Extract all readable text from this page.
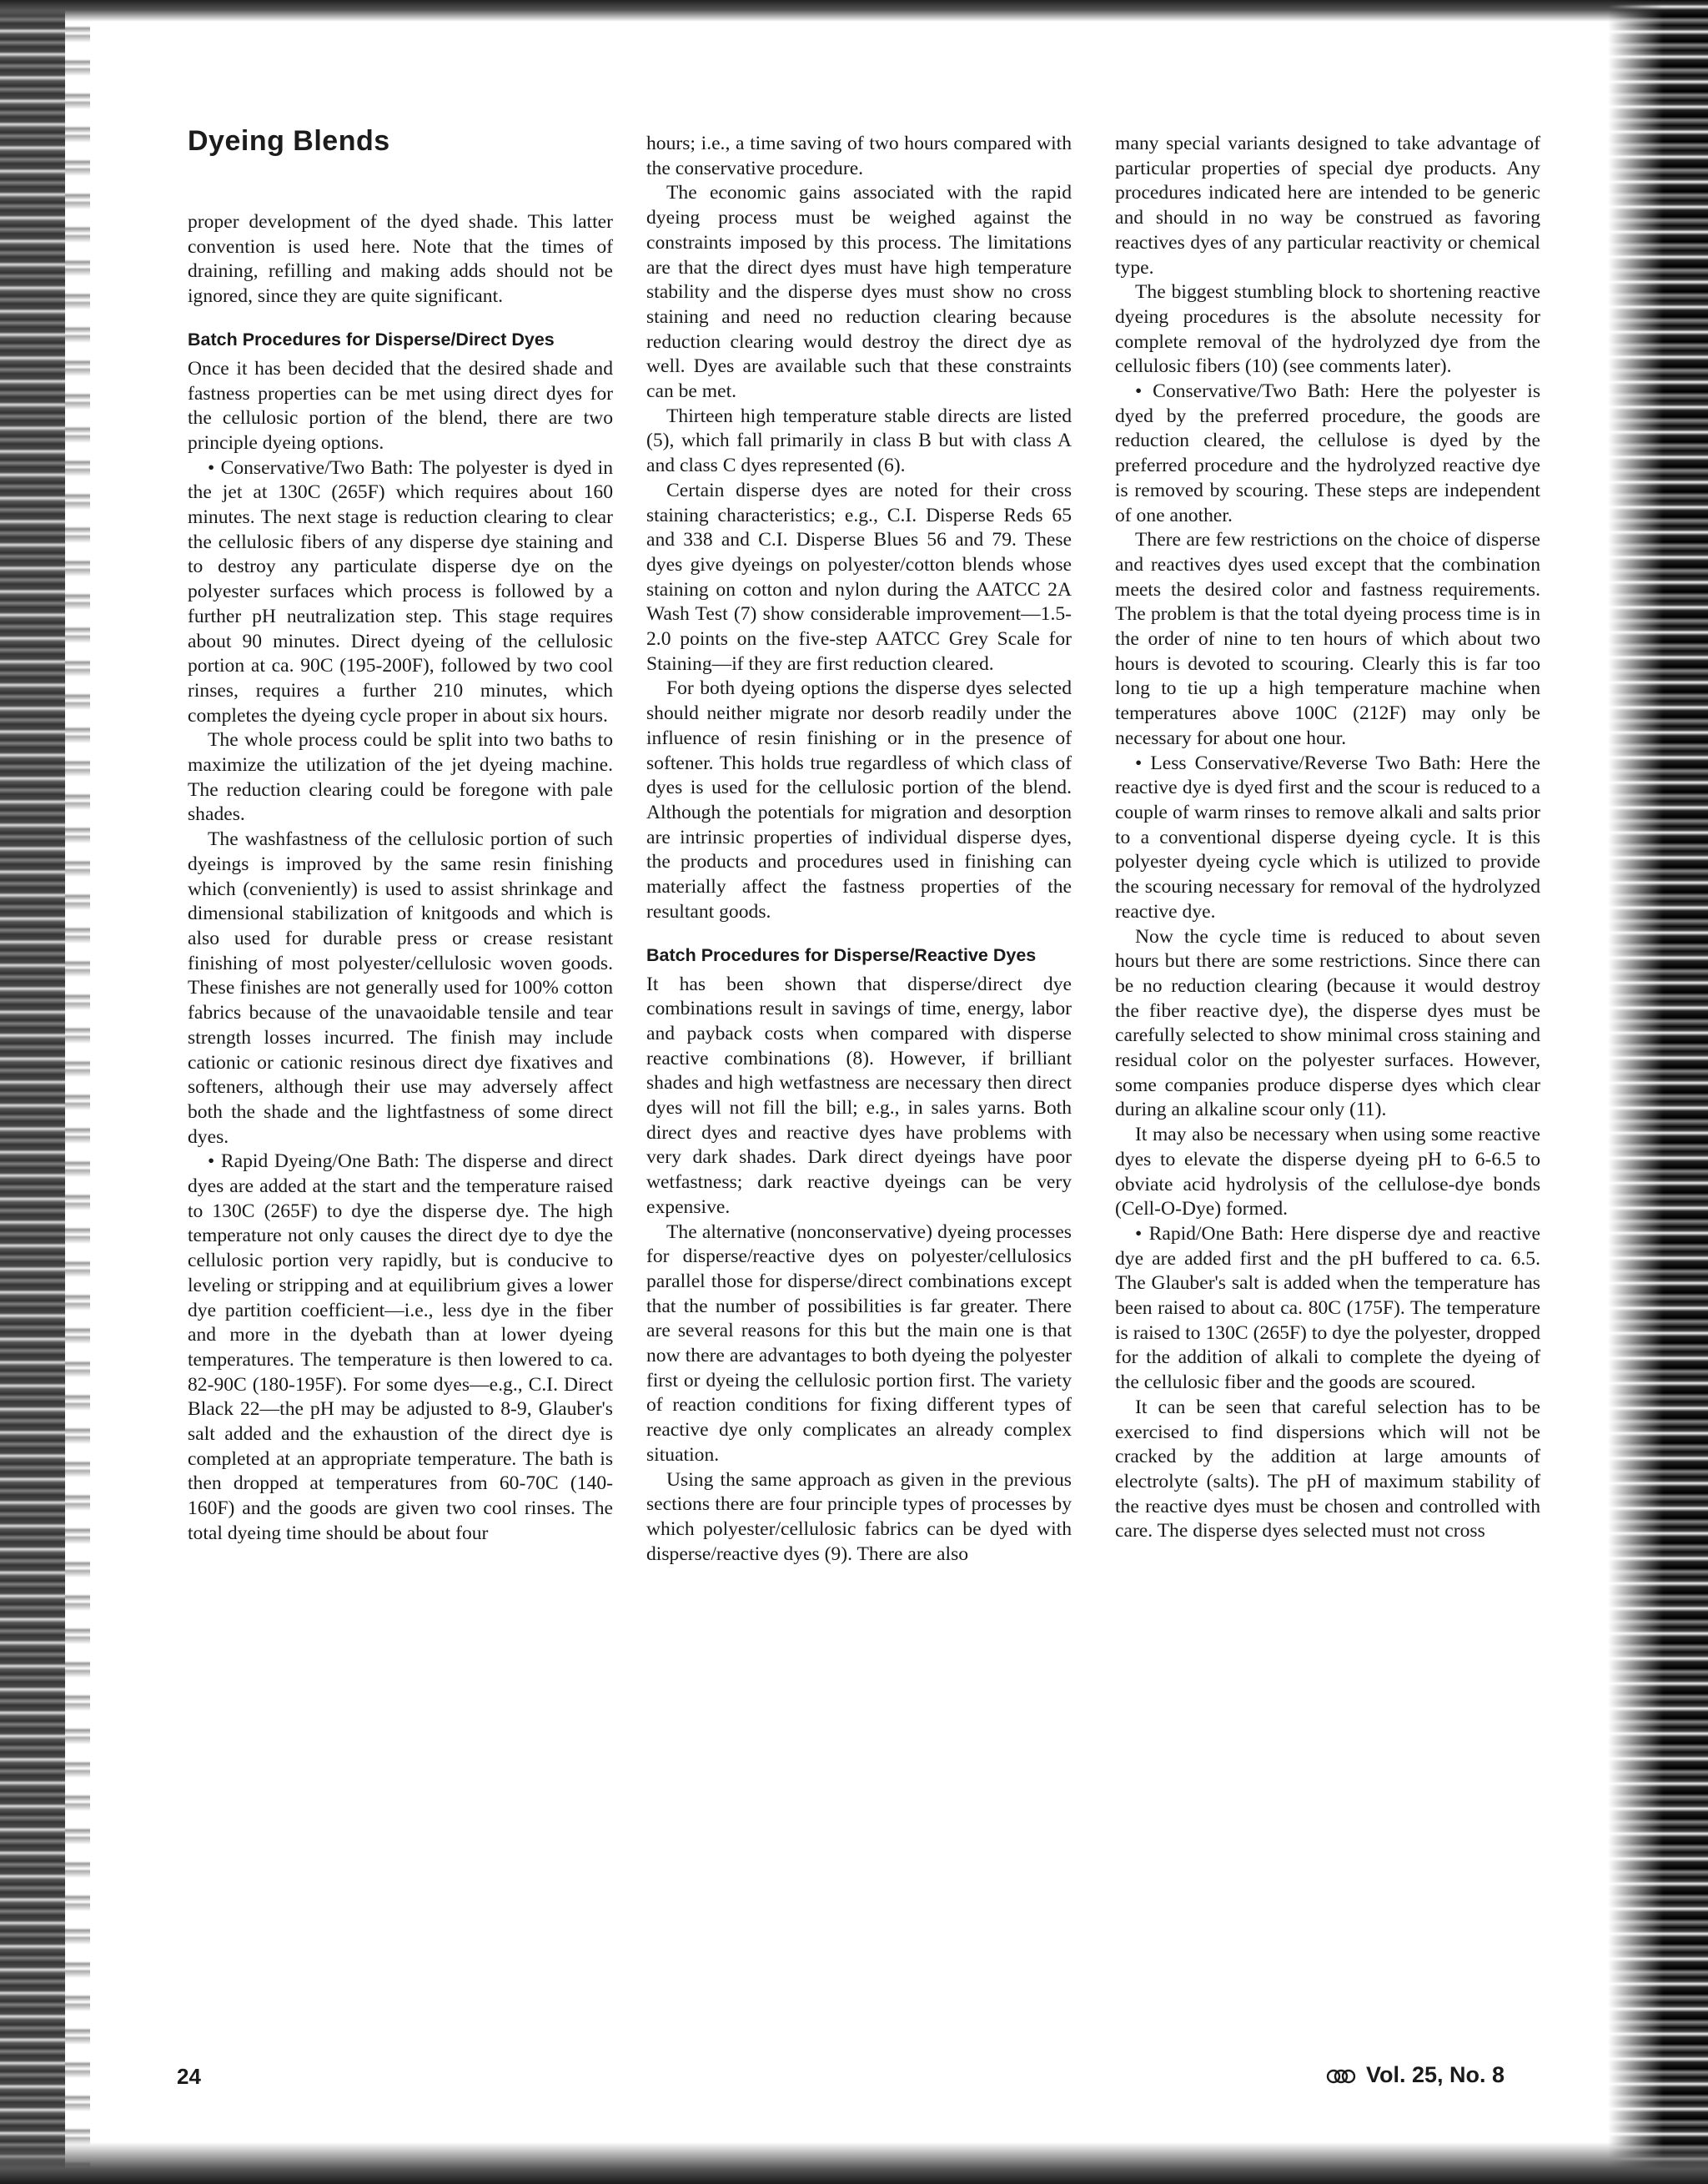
Dyeing Blends

proper development of the dyed shade. This latter convention is used here. Note that the times of draining, refilling and making adds should not be ignored, since they are quite significant.

Batch Procedures for Disperse/Direct Dyes

Once it has been decided that the desired shade and fastness properties can be met using direct dyes for the cellulosic portion of the blend, there are two principle dyeing options.

• Conservative/Two Bath: The polyester is dyed in the jet at 130C (265F) which requires about 160 minutes. The next stage is reduction clearing to clear the cellulosic fibers of any disperse dye staining and to destroy any particulate disperse dye on the polyester surfaces which process is followed by a further pH neutralization step. This stage requires about 90 minutes. Direct dyeing of the cellulosic portion at ca. 90C (195-200F), followed by two cool rinses, requires a further 210 minutes, which completes the dyeing cycle proper in about six hours.

The whole process could be split into two baths to maximize the utilization of the jet dyeing machine. The reduction clearing could be foregone with pale shades.

The washfastness of the cellulosic portion of such dyeings is improved by the same resin finishing which (conveniently) is used to assist shrinkage and dimensional stabilization of knitgoods and which is also used for durable press or crease resistant finishing of most polyester/cellulosic woven goods. These finishes are not generally used for 100% cotton fabrics because of the unavaoidable tensile and tear strength losses incurred. The finish may include cationic or cationic resinous direct dye fixatives and softeners, although their use may adversely affect both the shade and the lightfastness of some direct dyes.

• Rapid Dyeing/One Bath: The disperse and direct dyes are added at the start and the temperature raised to 130C (265F) to dye the disperse dye. The high temperature not only causes the direct dye to dye the cellulosic portion very rapidly, but is conducive to leveling or stripping and at equilibrium gives a lower dye partition coefficient—i.e., less dye in the fiber and more in the dyebath than at lower dyeing temperatures. The temperature is then lowered to ca. 82-90C (180-195F). For some dyes—e.g., C.I. Direct Black 22—the pH may be adjusted to 8-9, Glauber's salt added and the exhaustion of the direct dye is completed at an appropriate temperature. The bath is then dropped at temperatures from 60-70C (140-160F) and the goods are given two cool rinses. The total dyeing time should be about four

hours; i.e., a time saving of two hours compared with the conservative procedure.

The economic gains associated with the rapid dyeing process must be weighed against the constraints imposed by this process. The limitations are that the direct dyes must have high temperature stability and the disperse dyes must show no cross staining and need no reduction clearing because reduction clearing would destroy the direct dye as well. Dyes are available such that these constraints can be met.

Thirteen high temperature stable directs are listed (5), which fall primarily in class B but with class A and class C dyes represented (6).

Certain disperse dyes are noted for their cross staining characteristics; e.g., C.I. Disperse Reds 65 and 338 and C.I. Disperse Blues 56 and 79. These dyes give dyeings on polyester/cotton blends whose staining on cotton and nylon during the AATCC 2A Wash Test (7) show considerable improvement—1.5-2.0 points on the five-step AATCC Grey Scale for Staining—if they are first reduction cleared.

For both dyeing options the disperse dyes selected should neither migrate nor desorb readily under the influence of resin finishing or in the presence of softener. This holds true regardless of which class of dyes is used for the cellulosic portion of the blend. Although the potentials for migration and desorption are intrinsic properties of individual disperse dyes, the products and procedures used in finishing can materially affect the fastness properties of the resultant goods.

Batch Procedures for Disperse/Reactive Dyes

It has been shown that disperse/direct dye combinations result in savings of time, energy, labor and payback costs when compared with disperse reactive combinations (8). However, if brilliant shades and high wetfastness are necessary then direct dyes will not fill the bill; e.g., in sales yarns. Both direct dyes and reactive dyes have problems with very dark shades. Dark direct dyeings have poor wetfastness; dark reactive dyeings can be very expensive.

The alternative (nonconservative) dyeing processes for disperse/reactive dyes on polyester/cellulosics parallel those for disperse/direct combinations except that the number of possibilities is far greater. There are several reasons for this but the main one is that now there are advantages to both dyeing the polyester first or dyeing the cellulosic portion first. The variety of reaction conditions for fixing different types of reactive dye only complicates an already complex situation.

Using the same approach as given in the previous sections there are four principle types of processes by which polyester/cellulosic fabrics can be dyed with disperse/reactive dyes (9). There are also

many special variants designed to take advantage of particular properties of special dye products. Any procedures indicated here are intended to be generic and should in no way be construed as favoring reactives dyes of any particular reactivity or chemical type.

The biggest stumbling block to shortening reactive dyeing procedures is the absolute necessity for complete removal of the hydrolyzed dye from the cellulosic fibers (10) (see comments later).

• Conservative/Two Bath: Here the polyester is dyed by the preferred procedure, the goods are reduction cleared, the cellulose is dyed by the preferred procedure and the hydrolyzed reactive dye is removed by scouring. These steps are independent of one another.

There are few restrictions on the choice of disperse and reactives dyes used except that the combination meets the desired color and fastness requirements. The problem is that the total dyeing process time is in the order of nine to ten hours of which about two hours is devoted to scouring. Clearly this is far too long to tie up a high temperature machine when temperatures above 100C (212F) may only be necessary for about one hour.

• Less Conservative/Reverse Two Bath: Here the reactive dye is dyed first and the scour is reduced to a couple of warm rinses to remove alkali and salts prior to a conventional disperse dyeing cycle. It is this polyester dyeing cycle which is utilized to provide the scouring necessary for removal of the hydrolyzed reactive dye.

Now the cycle time is reduced to about seven hours but there are some restrictions. Since there can be no reduction clearing (because it would destroy the fiber reactive dye), the disperse dyes must be carefully selected to show minimal cross staining and residual color on the polyester surfaces. However, some companies produce disperse dyes which clear during an alkaline scour only (11).

It may also be necessary when using some reactive dyes to elevate the disperse dyeing pH to 6-6.5 to obviate acid hydrolysis of the cellulose-dye bonds (Cell-O-Dye) formed.

• Rapid/One Bath: Here disperse dye and reactive dye are added first and the pH buffered to ca. 6.5. The Glauber's salt is added when the temperature has been raised to about ca. 80C (175F). The temperature is raised to 130C (265F) to dye the polyester, dropped for the addition of alkali to complete the dyeing of the cellulosic fiber and the goods are scoured.

It can be seen that careful selection has to be exercised to find dispersions which will not be cracked by the addition at large amounts of electrolyte (salts). The pH of maximum stability of the reactive dyes must be chosen and controlled with care. The disperse dyes selected must not cross

24	Vol. 25, No. 8
